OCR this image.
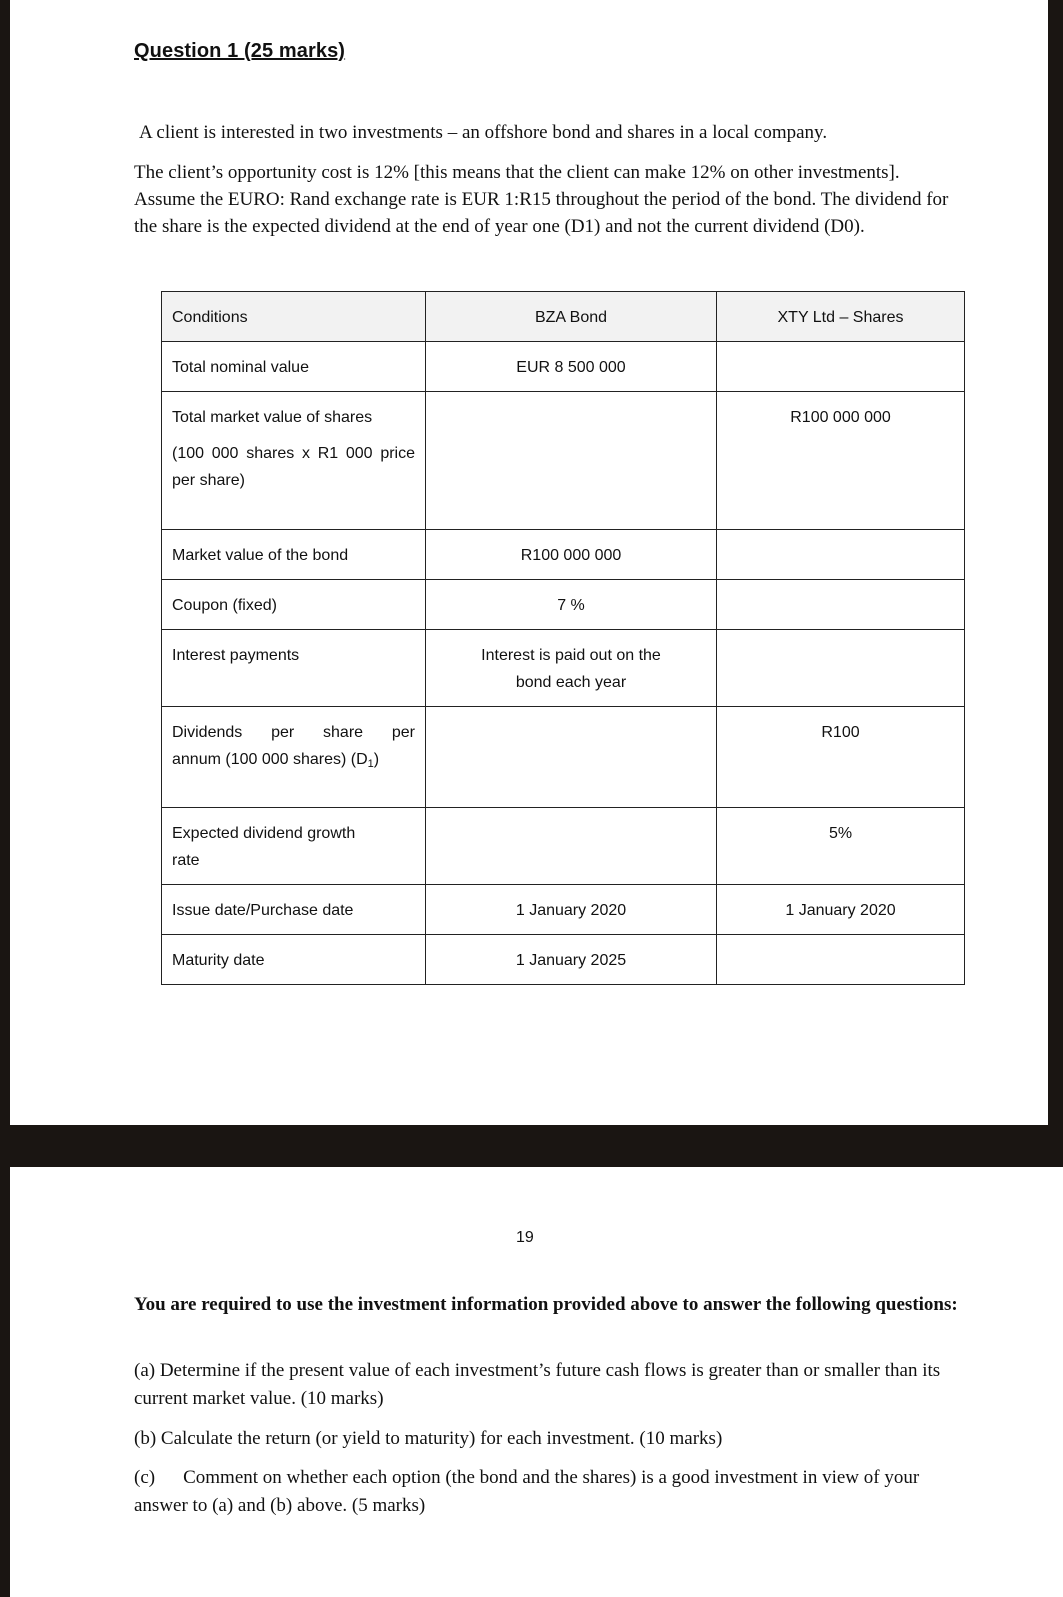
Question 1 (25 marks)
A client is interested in two investments – an offshore bond and shares in a local company.
The client’s opportunity cost is 12% [this means that the client can make 12% on other investments]. Assume the EURO: Rand exchange rate is EUR 1:R15 throughout the period of the bond. The dividend for the share is the expected dividend at the end of year one (D1) and not the current dividend (D0).
Conditions	BZA Bond	XTY Ltd – Shares
Total nominal value	EUR 8 500 000	

Total market value of shares
(100 000 shares x R1 000 price per share)		R100 000 000
Market value of the bond	R100 000 000	
Coupon (fixed)	7 %	
Interest payments	Interest is paid out on the bond each year	

Dividends per share per
annum (100 000 shares) $(D_1)$		R100

Expected dividend growth rate		5%
Issue date/Purchase date	1 January 2020	1 January 2020
Maturity date	1 January 2025	
19
You are required to use the investment information provided above to answer the following questions:
(a) Determine if the present value of each investment’s future cash flows is greater than or smaller than its current market value. (10 marks)
(b) Calculate the return (or yield to maturity) for each investment. (10 marks)
(c) Comment on whether each option (the bond and the shares) is a good investment in view of your answer to (a) and (b) above. (5 marks)
